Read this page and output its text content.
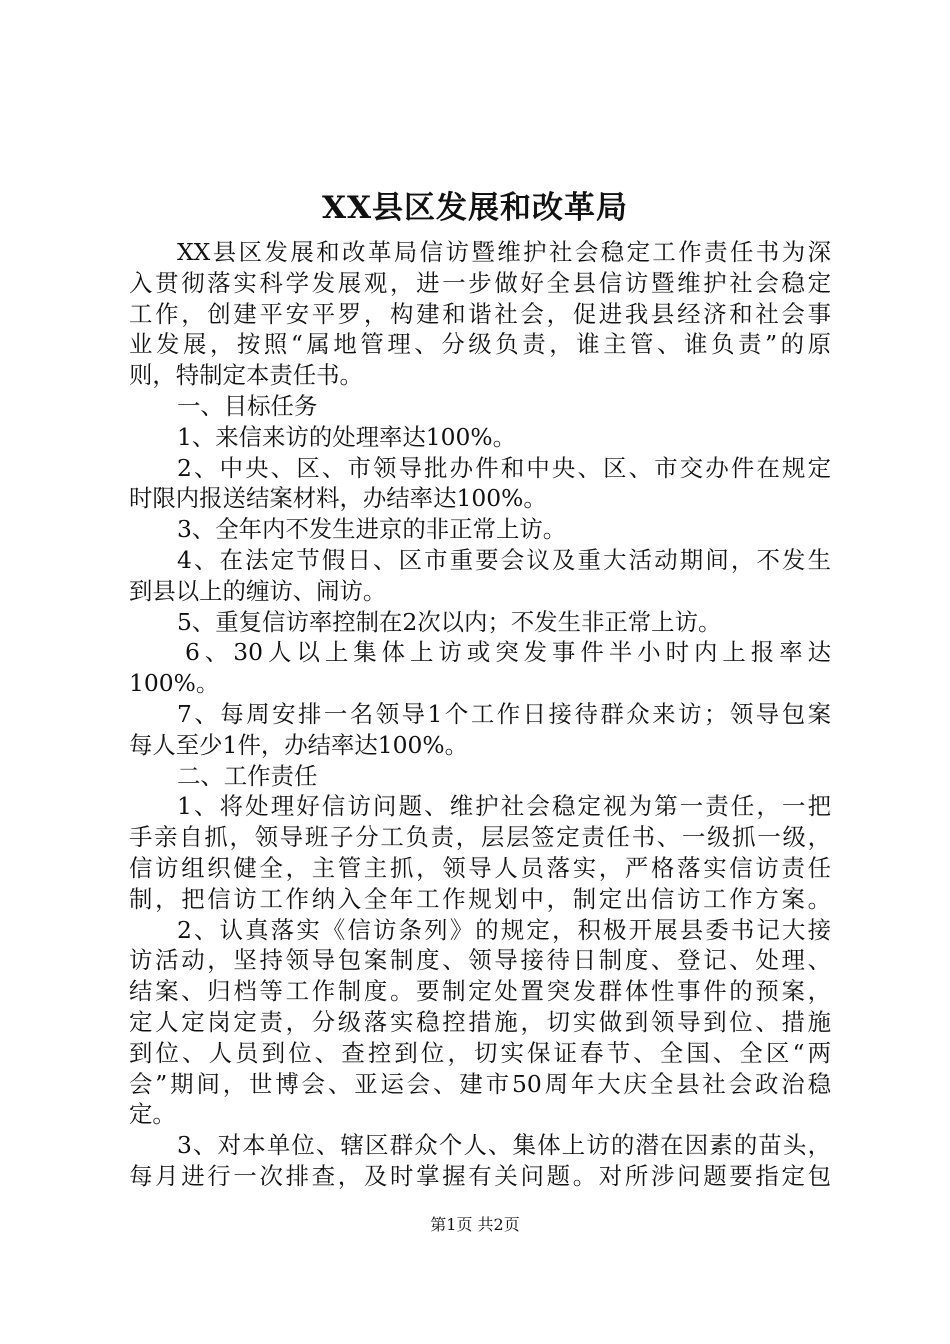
XX县区发展和改革局
XX县区发展和改革局信访暨维护社会稳定工作责任书为深
入贯彻落实科学发展观，进一步做好全县信访暨维护社会稳定
工作，创建平安平罗，构建和谐社会，促进我县经济和社会事
业发展，按照“属地管理、分级负责，谁主管、谁负责”的原
则，特制定本责任书。
一、目标任务
1、来信来访的处理率达100%。
2、中央、区、市领导批办件和中央、区、市交办件在规定
时限内报送结案材料，办结率达100%。
3、全年内不发生进京的非正常上访。
4、在法定节假日、区市重要会议及重大活动期间，不发生
到县以上的缠访、闹访。
5、重复信访率控制在2次以内；不发生非正常上访。
6、30人以上集体上访或突发事件半小时内上报率达
100%。
7、每周安排一名领导1个工作日接待群众来访；领导包案
每人至少1件，办结率达100%。
二、工作责任
1、将处理好信访问题、维护社会稳定视为第一责任，一把
手亲自抓，领导班子分工负责，层层签定责任书、一级抓一级，
信访组织健全，主管主抓，领导人员落实，严格落实信访责任
制，把信访工作纳入全年工作规划中，制定出信访工作方案。
2、认真落实《信访条列》的规定，积极开展县委书记大接
访活动，坚持领导包案制度、领导接待日制度、登记、处理、
结案、归档等工作制度。要制定处置突发群体性事件的预案，
定人定岗定责，分级落实稳控措施，切实做到领导到位、措施
到位、人员到位、查控到位，切实保证春节、全国、全区“两
会”期间，世博会、亚运会、建市50周年大庆全县社会政治稳
定。
3、对本单位、辖区群众个人、集体上访的潜在因素的苗头，
每月进行一次排查，及时掌握有关问题。对所涉问题要指定包
第1页 共2页
